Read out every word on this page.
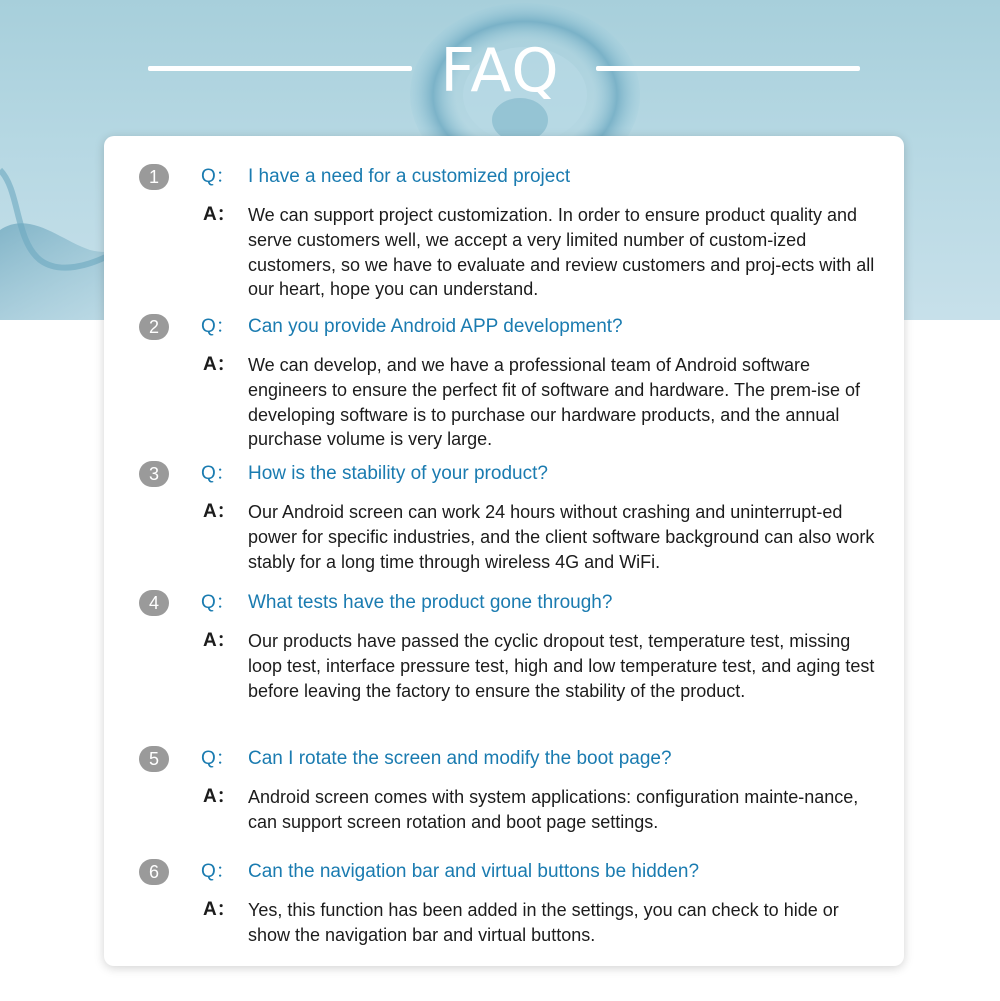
FAQ
1	Q： I have a need for a customized project
A： We can support project customization. In order to ensure product quality and serve customers well, we accept a very limited number of custom-ized customers, so we have to evaluate and review customers and proj-ects with all our heart, hope you can understand.
2	Q： Can you provide Android APP development?
A： We can develop, and we have a professional team of Android software engineers to ensure the perfect fit of software and hardware. The prem-ise of developing software is to purchase our hardware products, and the annual purchase volume is very large.
3	Q： How is the stability of your product?
A： Our Android screen can work 24 hours without crashing and uninterrupt-ed power for specific industries, and the client software background can also work stably for a long time through wireless 4G and WiFi.
4	Q： What tests have the product gone through?
A： Our products have passed the cyclic dropout test, temperature test, missing loop test, interface pressure test, high and low temperature test, and aging test before leaving the factory to ensure the stability of the product.
5	Q： Can I rotate the screen and modify the boot page?
A： Android screen comes with system applications: configuration mainte-nance, can support screen rotation and boot page settings.
6	Q： Can the navigation bar and virtual buttons be hidden?
A： Yes, this function has been added in the settings, you can check to hide or show the navigation bar and virtual buttons.
